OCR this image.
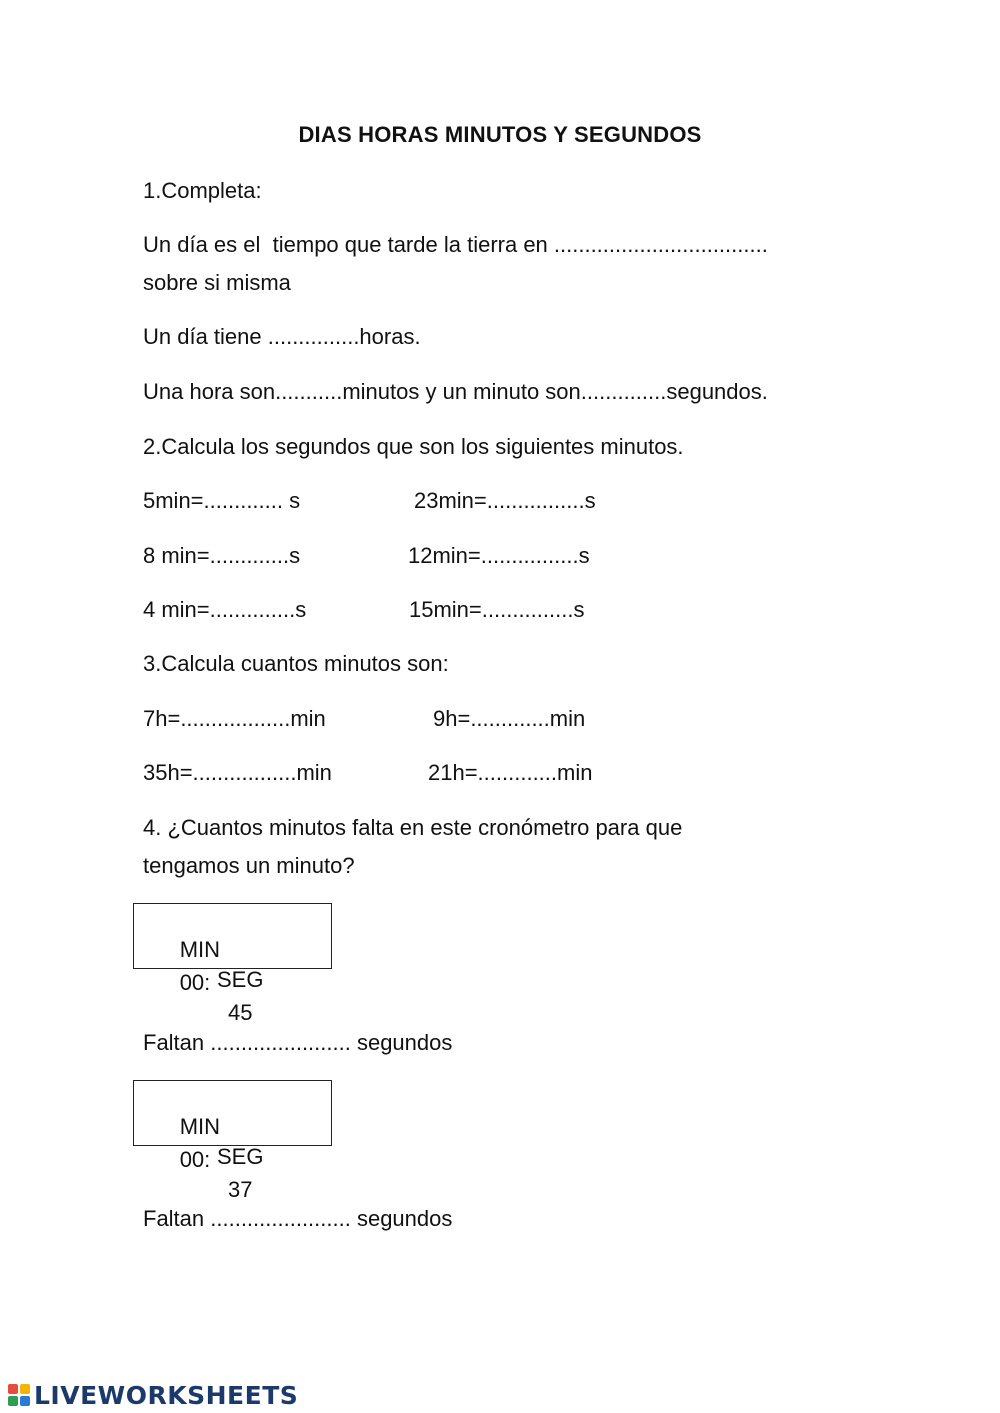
DIAS HORAS MINUTOS Y SEGUNDOS
1.Completa:
Un día es el  tiempo que tarde la tierra en ...................................
sobre si misma
Un día tiene ...............horas.
Una hora son...........minutos y un minuto son..............segundos.
2.Calcula los segundos que son los siguientes minutos.
5min=............. s	23min=................s
8 min=.............s	12min=................s
4 min=..............s	15min=...............s
3.Calcula cuantos minutos son:
7h=..................min	9h=.............min
35h=.................min	21h=.............min
4. ¿Cuantos minutos falta en este cronómetro para que
tengamos un minuto?

MIN

SEG

00:

45

Faltan ....................... segundos

MIN

SEG

00:

37

Faltan ....................... segundos
LIVEWORKSHEETS
